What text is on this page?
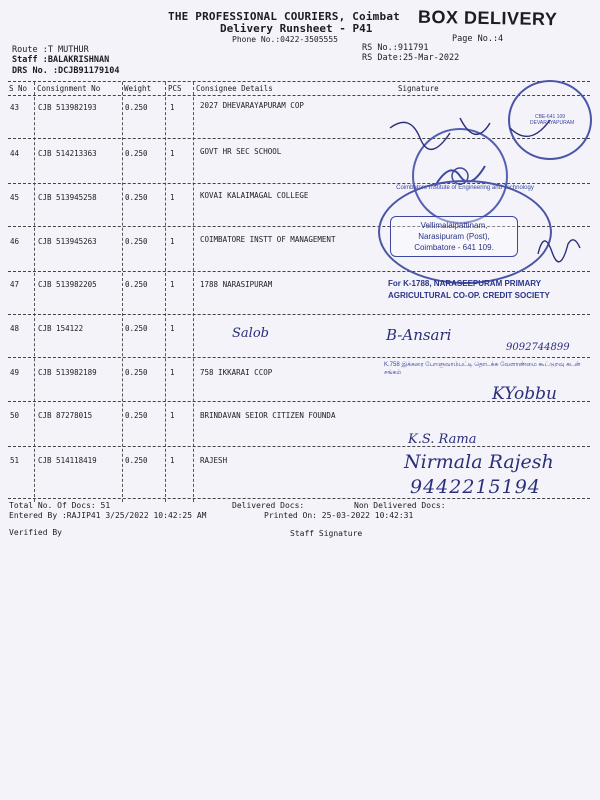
THE PROFESSIONAL COURIERS, Coimbat
Delivery Runsheet - P41
Phone No.:0422-3505555	Page No.:4
BOX DELIVERY
Route :T MUTHUR
Staff :BALAKRISHNAN
DRS No. :DCJB91179104
RS No.:911791
RS Date:25-Mar-2022
S No Consignment No	Weight PCS Consignee Details	Signature
43	CJB 513982193	0.250	1	2027 DHEVARAYAPURAM COP
44	CJB 514213363	0.250	1	GOVT HR SEC SCHOOL
45	CJB 513945258	0.250	1	KOVAI KALAIMAGAL COLLEGE
46	CJB 513945263	0.250	1	COIMBATORE INSTT OF MANAGEMENT
47	CJB 513982205	0.250	1	1788 NARASIPURAM
48	CJB 154122	0.250	1
49	CJB 513982189	0.250	1	758 IKKARAI CCOP
50	CJB 87278015	0.250	1	BRINDAVAN SEIOR CITIZEN FOUNDA
51	CJB 514118419	0.250	1	RAJESH
Total No. Of Docs: 51	Delivered Docs:	Non Delivered Docs:
Entered By :RAJIP41 3/25/2022 10:42:25 AM	Printed On: 25-03-2022 10:42:31
Verified By	Staff Signature
CBE-641 109 DEVARAYAPURAM
Coimbatore Institute of Engineering and Technology
Vellimalaipattinam,
Narasipuram (Post),
Coimbatore - 641 109.
For K-1788, NARASEEPURAM PRIMARY
AGRICULTURAL CO-OP. CREDIT SOCIETY
K.758 இக்கரை போளுவாம்பட்டி தொடக்க வேளாண்மை கூட்டுறவு கடன் சங்கம்
Salob	B-Ansari
9092744899
KYobbu
K.S. Rama
Nirmala Rajesh
9442215194
